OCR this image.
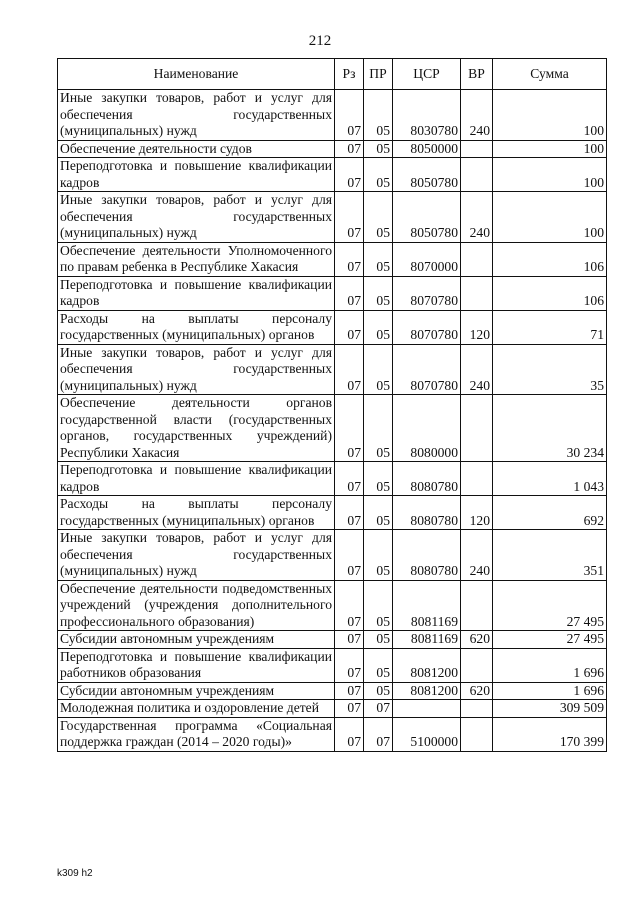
212
Наименование	Рз	ПР	ЦСР	ВР	Сумма
Иные закупки товаров, работ и услуг для обеспечения государственных (муниципальных) нужд	07	05	8030780	240	100
Обеспечение деятельности судов	07	05	8050000		100
Переподготовка и повышение квалификации кадров	07	05	8050780		100
Иные закупки товаров, работ и услуг для обеспечения государственных (муниципальных) нужд	07	05	8050780	240	100
Обеспечение деятельности Уполномоченного по правам ребенка в Республике Хакасия	07	05	8070000		106
Переподготовка и повышение квалификации кадров	07	05	8070780		106
Расходы на выплаты персоналу государственных (муниципальных) органов	07	05	8070780	120	71
Иные закупки товаров, работ и услуг для обеспечения государственных (муниципальных) нужд	07	05	8070780	240	35
Обеспечение деятельности органов государственной власти (государственных органов, государственных учреждений) Республики Хакасия	07	05	8080000		30 234
Переподготовка и повышение квалификации кадров	07	05	8080780		1 043
Расходы на выплаты персоналу государственных (муниципальных) органов	07	05	8080780	120	692
Иные закупки товаров, работ и услуг для обеспечения государственных (муниципальных) нужд	07	05	8080780	240	351
Обеспечение деятельности подведомственных учреждений (учреждения дополнительного профессионального образования)	07	05	8081169		27 495
Субсидии автономным учреждениям	07	05	8081169	620	27 495
Переподготовка и повышение квалификации работников образования	07	05	8081200		1 696
Субсидии автономным учреждениям	07	05	8081200	620	1 696
Молодежная политика и оздоровление детей	07	07			309 509
Государственная программа «Социальная поддержка граждан (2014 – 2020 годы)»	07	07	5100000		170 399
k309 h2
